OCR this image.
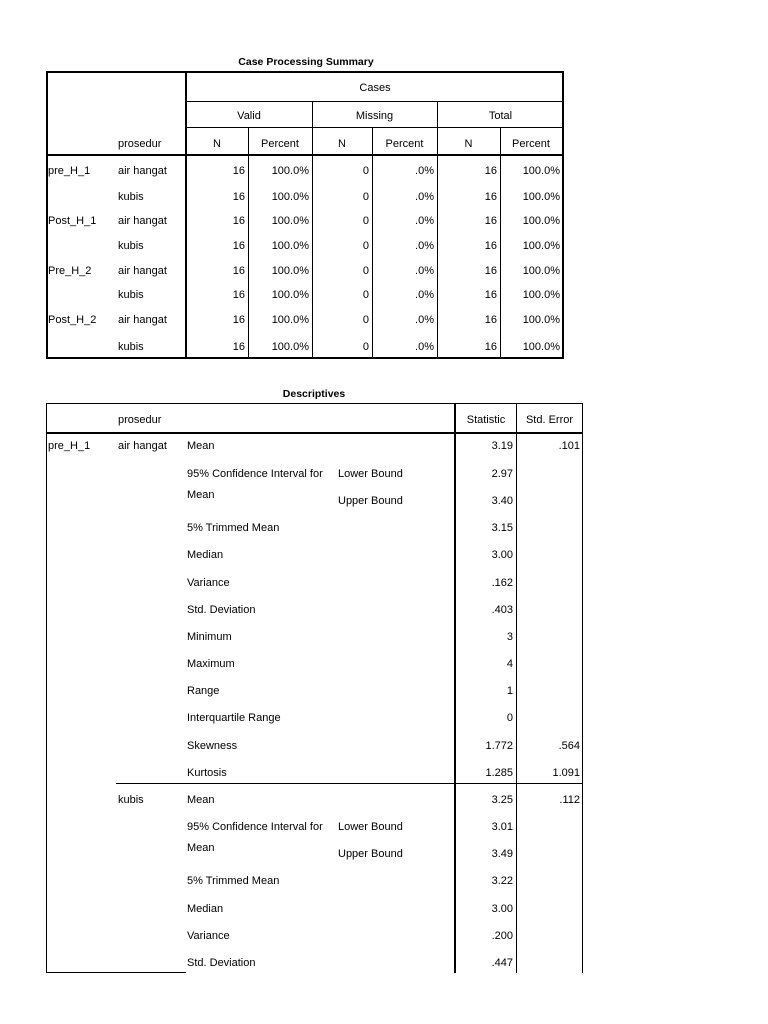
Case Processing Summary
Cases
Valid	Missing	Total
prosedur	N	Percent	N	Percent	N	Percent
pre_H_1	air hangat	16	100.0%	0	.0%	16	100.0%
kubis	16	100.0%	0	.0%	16	100.0%
Post_H_1 air hangat	16	100.0%	0	.0%	16	100.0%
kubis	16	100.0%	0	.0%	16	100.0%
Pre_H_2 air hangat	16	100.0%	0	.0%	16	100.0%
kubis	16	100.0%	0	.0%	16	100.0%
Post_H_2 air hangat	16	100.0%	0	.0%	16	100.0%
kubis	16	100.0%	0	.0%	16	100.0%
Descriptives
prosedur	Statistic	Std. Error
pre_H_1	air hangat Mean	3.19	.101
95% Confidence Interval for
Mean
Lower Bound	2.97
Upper Bound	3.40
5% Trimmed Mean	3.15
Median	3.00
Variance	.162
Std. Deviation	.403
Minimum	3
Maximum	4
Range	1
Interquartile Range	0
Skewness	1.772	.564
Kurtosis	1.285	1.091
kubis	Mean	3.25	.112
95% Confidence Interval for
Mean
Lower Bound	3.01
Upper Bound	3.49
5% Trimmed Mean	3.22
Median	3.00
Variance	.200
Std. Deviation	.447
